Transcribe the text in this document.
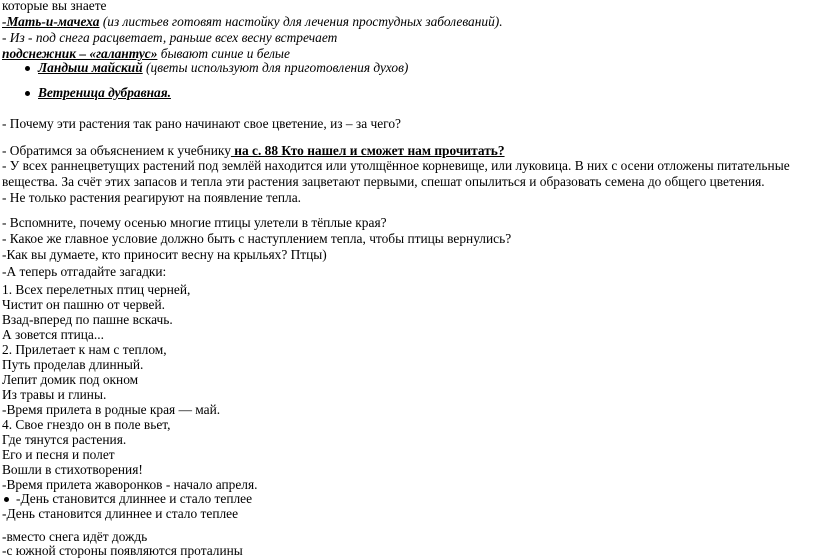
которые вы знаете
-Мать-и-мачеха (из листьев готовят настойку для лечения простудных заболеваний).
- Из - под снега расцветает, раньше всех весну встречает
подснежник – «галантус» бывают синие и белые
Ландыш майский (цветы используют для приготовления духов)
Ветреница дубравная.
- Почему эти растения так рано начинают свое цветение, из – за чего?
- Обратимся за объяснением к учебнику на с. 88 Кто нашел и сможет нам прочитать?
- У всех раннецветущих растений под землёй находится или утолщённое корневище, или луковица. В них с осени отложены питательные вещества. За счёт этих запасов и тепла эти растения зацветают первыми, спешат опылиться и образовать семена до общего цветения.
- Не только растения реагируют на появление тепла.
- Вспомните, почему осенью многие птицы улетели в тёплые края?
- Какое же главное условие должно быть с наступлением тепла, чтобы птицы вернулись?
-Как вы думаете, кто приносит весну на крыльях? Птцы)
-А теперь отгадайте загадки:
1. Всех перелетных птиц черней,
Чистит он пашню от червей.
Взад-вперед по пашне вскачь.
А зовется птица...
2. Прилетает к нам с теплом,
Путь проделав длинный.
Лепит домик под окном
Из травы и глины.
-Время прилета в родные края — май.
4. Свое гнездо он в поле вьет,
Где тянутся растения.
Его и песня и полет
Вошли в стихотворения!
-Время прилета жаворонков - начало апреля.
-День становится длиннее и стало теплее
-День становится длиннее и стало теплее
-вместо снега идёт дождь
-с южной стороны появляются проталины
